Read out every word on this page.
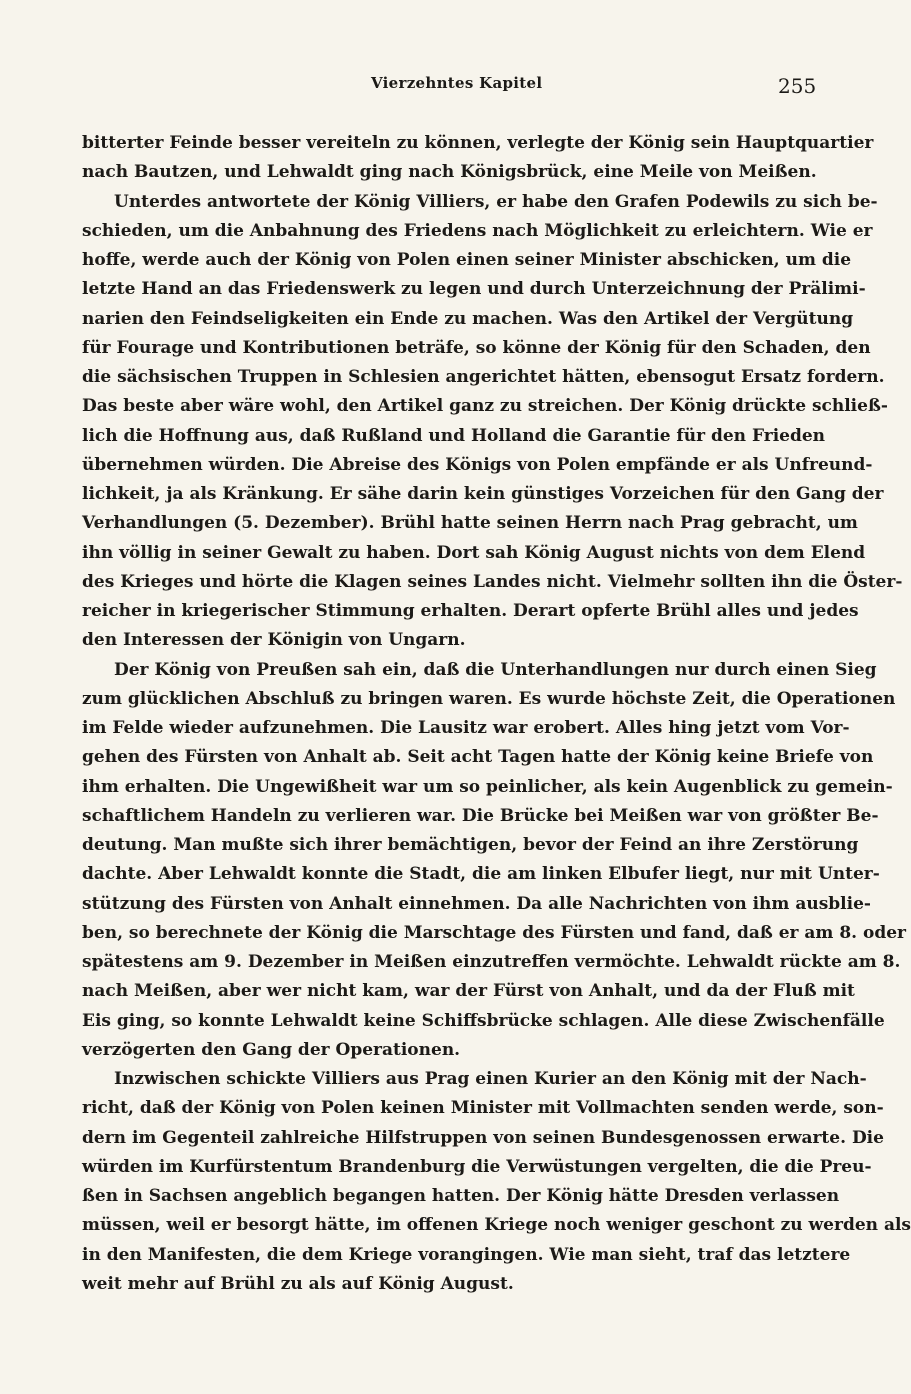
Vierzehntes Kapitel	255
bitterter Feinde besser vereiteln zu können, verlegte der König sein Hauptquartier
nach Bautzen, und Lehwaldt ging nach Königsbrück, eine Meile von Meißen.
Unterdes antwortete der König Villiers, er habe den Grafen Podewils zu sich be-
schieden, um die Anbahnung des Friedens nach Möglichkeit zu erleichtern. Wie er
hoffe, werde auch der König von Polen einen seiner Minister abschicken, um die
letzte Hand an das Friedenswerk zu legen und durch Unterzeichnung der Prälimi-
narien den Feindseligkeiten ein Ende zu machen. Was den Artikel der Vergütung
für Fourage und Kontributionen beträfe, so könne der König für den Schaden, den
die sächsischen Truppen in Schlesien angerichtet hätten, ebensogut Ersatz fordern.
Das beste aber wäre wohl, den Artikel ganz zu streichen. Der König drückte schließ-
lich die Hoffnung aus, daß Rußland und Holland die Garantie für den Frieden
übernehmen würden. Die Abreise des Königs von Polen empfände er als Unfreund-
lichkeit, ja als Kränkung. Er sähe darin kein günstiges Vorzeichen für den Gang der
Verhandlungen (5. Dezember). Brühl hatte seinen Herrn nach Prag gebracht, um
ihn völlig in seiner Gewalt zu haben. Dort sah König August nichts von dem Elend
des Krieges und hörte die Klagen seines Landes nicht. Vielmehr sollten ihn die Öster-
reicher in kriegerischer Stimmung erhalten. Derart opferte Brühl alles und jedes
den Interessen der Königin von Ungarn.
Der König von Preußen sah ein, daß die Unterhandlungen nur durch einen Sieg
zum glücklichen Abschluß zu bringen waren. Es wurde höchste Zeit, die Operationen
im Felde wieder aufzunehmen. Die Lausitz war erobert. Alles hing jetzt vom Vor-
gehen des Fürsten von Anhalt ab. Seit acht Tagen hatte der König keine Briefe von
ihm erhalten. Die Ungewißheit war um so peinlicher, als kein Augenblick zu gemein-
schaftlichem Handeln zu verlieren war. Die Brücke bei Meißen war von größter Be-
deutung. Man mußte sich ihrer bemächtigen, bevor der Feind an ihre Zerstörung
dachte. Aber Lehwaldt konnte die Stadt, die am linken Elbufer liegt, nur mit Unter-
stützung des Fürsten von Anhalt einnehmen. Da alle Nachrichten von ihm ausblie-
ben, so berechnete der König die Marschtage des Fürsten und fand, daß er am 8. oder
spätestens am 9. Dezember in Meißen einzutreffen vermöchte. Lehwaldt rückte am 8.
nach Meißen, aber wer nicht kam, war der Fürst von Anhalt, und da der Fluß mit
Eis ging, so konnte Lehwaldt keine Schiffsbrücke schlagen. Alle diese Zwischenfälle
verzögerten den Gang der Operationen.
Inzwischen schickte Villiers aus Prag einen Kurier an den König mit der Nach-
richt, daß der König von Polen keinen Minister mit Vollmachten senden werde, son-
dern im Gegenteil zahlreiche Hilfstruppen von seinen Bundesgenossen erwarte. Die
würden im Kurfürstentum Brandenburg die Verwüstungen vergelten, die die Preu-
ßen in Sachsen angeblich begangen hatten. Der König hätte Dresden verlassen
müssen, weil er besorgt hätte, im offenen Kriege noch weniger geschont zu werden als
in den Manifesten, die dem Kriege vorangingen. Wie man sieht, traf das letztere
weit mehr auf Brühl zu als auf König August.
